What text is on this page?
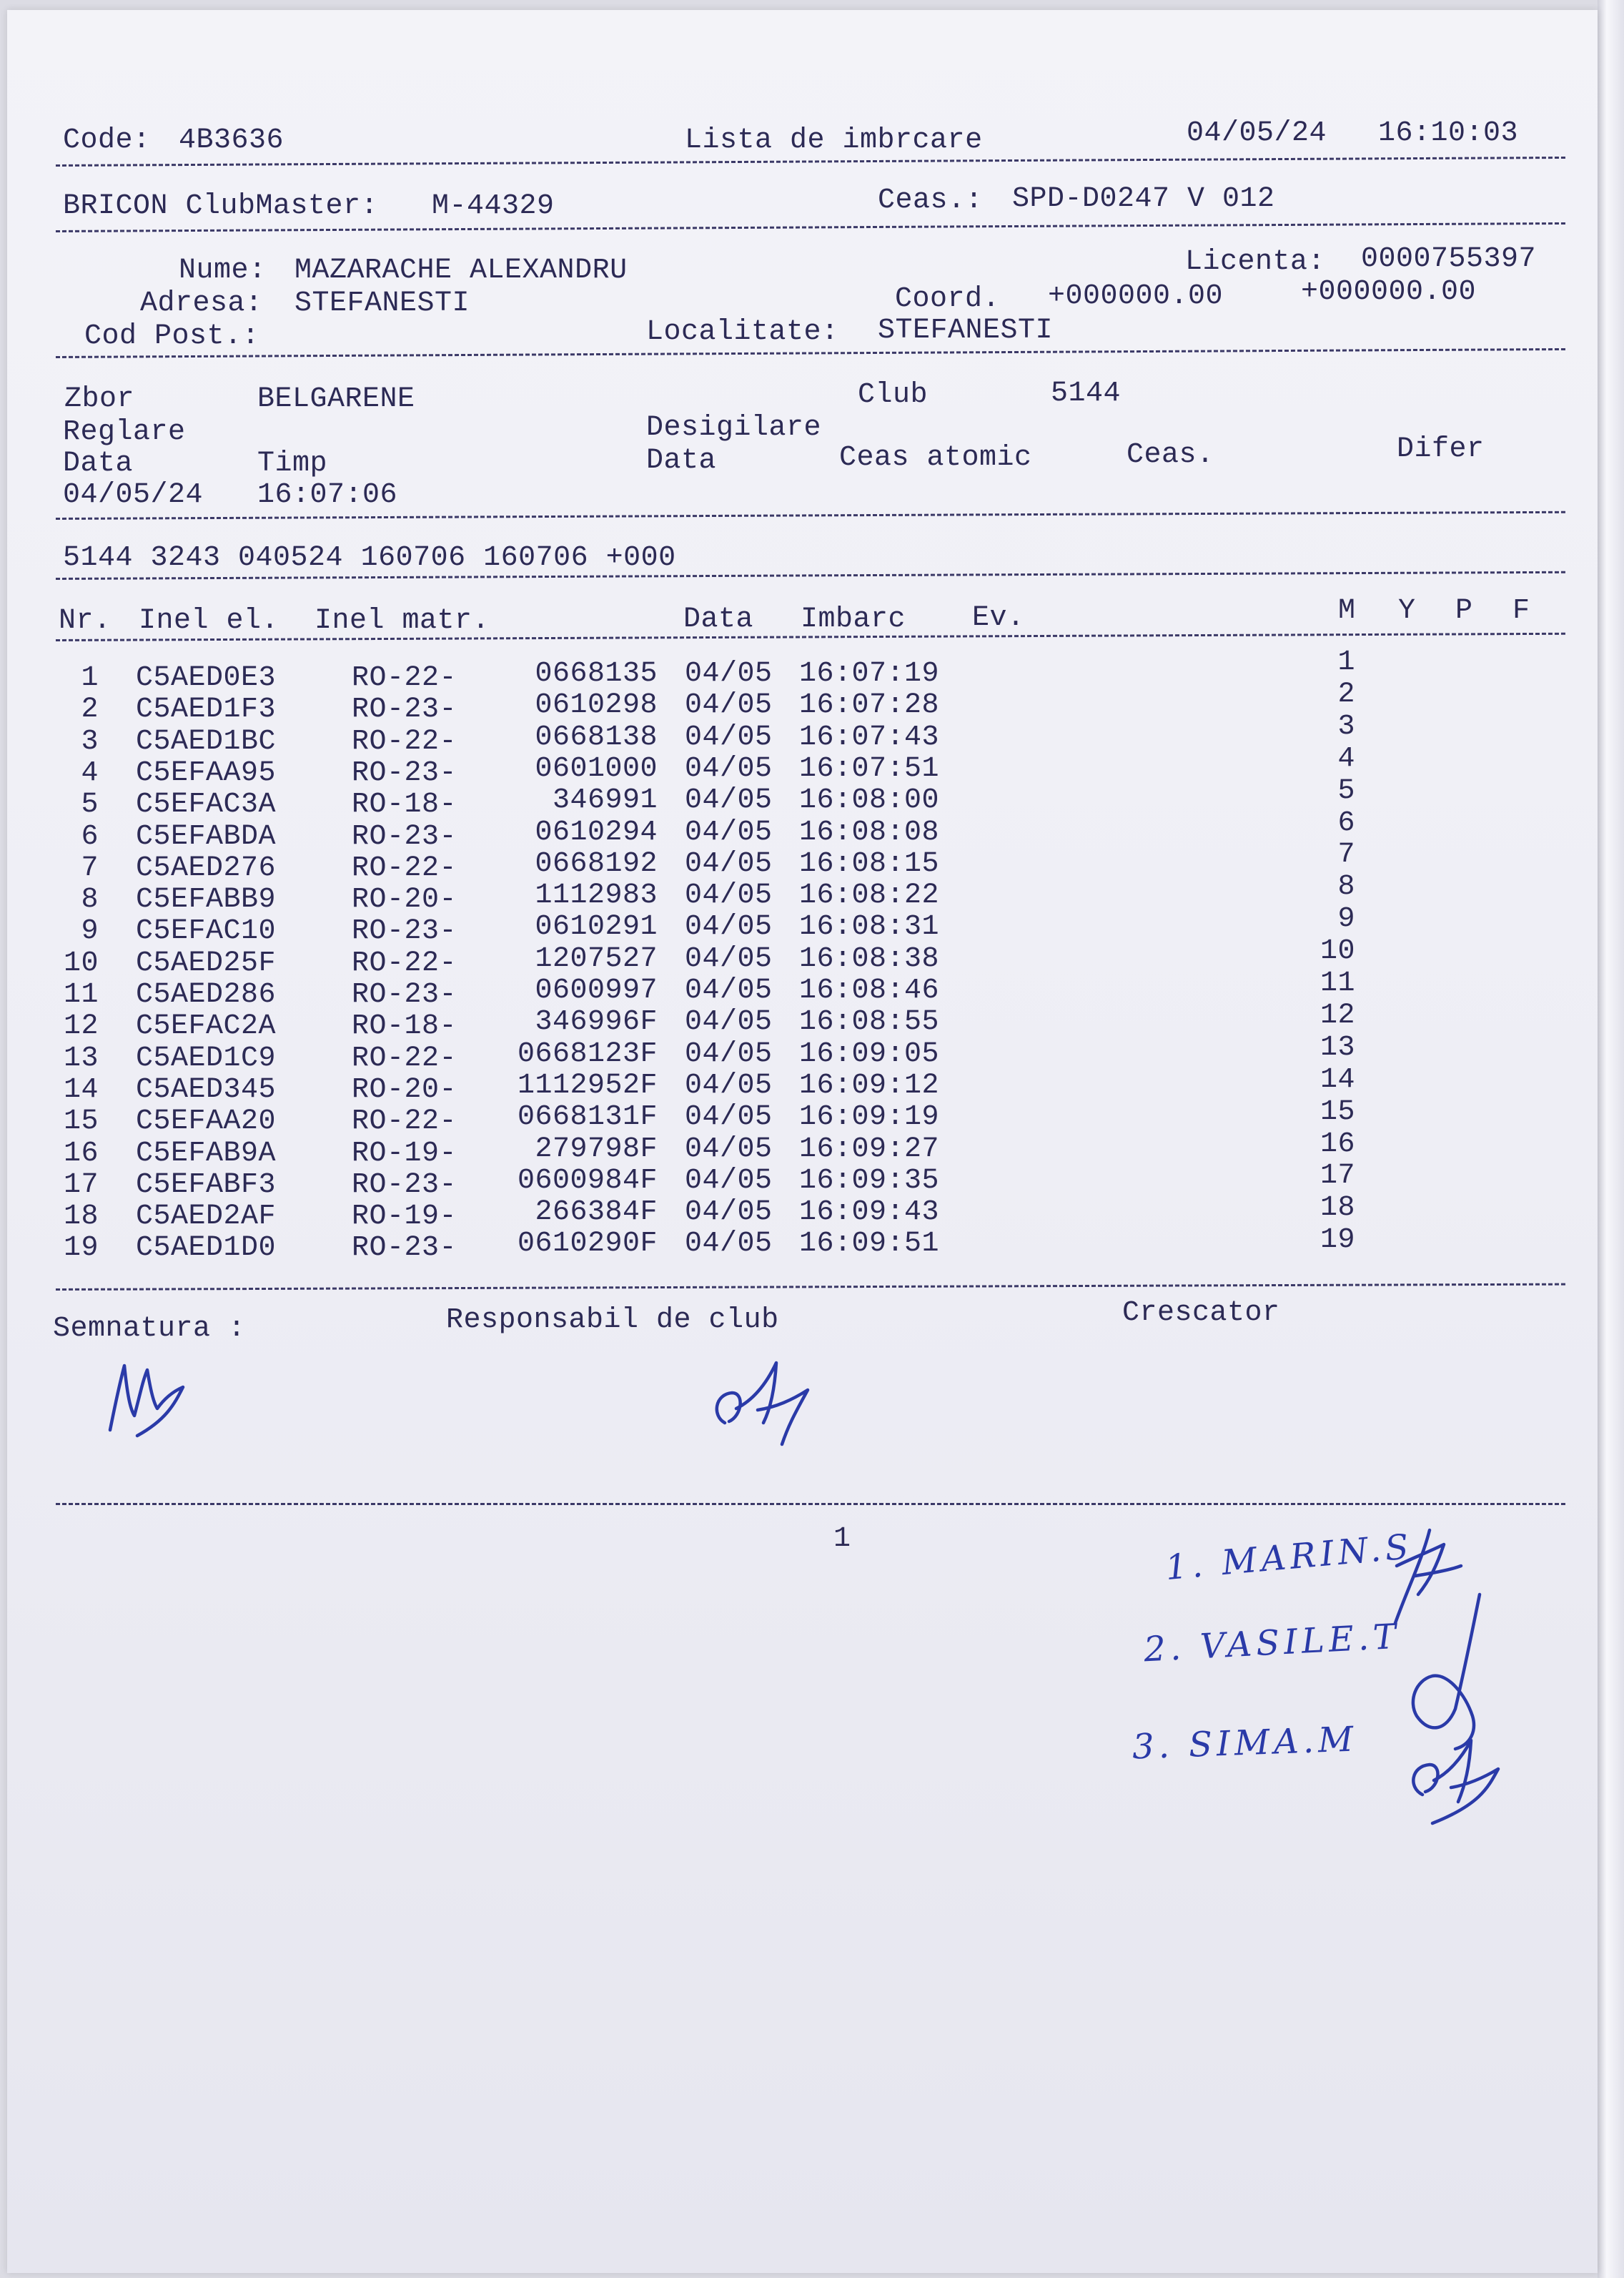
Code: 4B3636	Lista de imbrcare	04/05/24 16:10:03
BRICON ClubMaster: M-44329	Ceas.: SPD-D0247 V 012
Nume: MAZARACHE ALEXANDRU	Licenta: 0000755397
Adresa: STEFANESTI	Coord. +000000.00	+000000.00
Cod Post.:	Localitate: STEFANESTI
Zbor	BELGARENE	Club	5144
Reglare	Desigilare
Data	Timp	Data	Ceas atomic	Ceas.	Difer
04/05/24 16:07:06
5144 3243 040524 160706 160706 +000
Nr. Inel el. Inel matr.	Data Imbarc Ev.	M Y P F
1 C5AED0E3	RO-22-	0668135 04/05 16:07:19	1
2 C5AED1F3	RO-23-	0610298 04/05 16:07:28	2
3 C5AED1BC	RO-22-	0668138 04/05 16:07:43	3
4 C5EFAA95	RO-23-	0601000 04/05 16:07:51	4
5 C5EFAC3A	RO-18-	346991 04/05 16:08:00	5
6 C5EFABDA	RO-23-	0610294 04/05 16:08:08	6
7 C5AED276	RO-22-	0668192 04/05 16:08:15	7
8 C5EFABB9	RO-20-	1112983 04/05 16:08:22	8
9 C5EFAC10	RO-23-	0610291 04/05 16:08:31	9
10 C5AED25F	RO-22-	1207527 04/05 16:08:38	10
11 C5AED286	RO-23-	0600997 04/05 16:08:46	11
12 C5EFAC2A	RO-18-	346996F 04/05 16:08:55	12
13 C5AED1C9	RO-22- 0668123F 04/05 16:09:05	13
14 C5AED345	RO-20- 1112952F 04/05 16:09:12	14
15 C5EFAA20	RO-22- 0668131F 04/05 16:09:19	15
16 C5EFAB9A	RO-19-	279798F 04/05 16:09:27	16
17 C5EFABF3	RO-23- 0600984F 04/05 16:09:35	17
18 C5AED2AF	RO-19-	266384F 04/05 16:09:43	18
19 C5AED1D0	RO-23- 0610290F 04/05 16:09:51	19
Semnatura :	Responsabil de club	Crescator
1	1. MARIN.S
2. VASILE.T
3. SIMA.M
